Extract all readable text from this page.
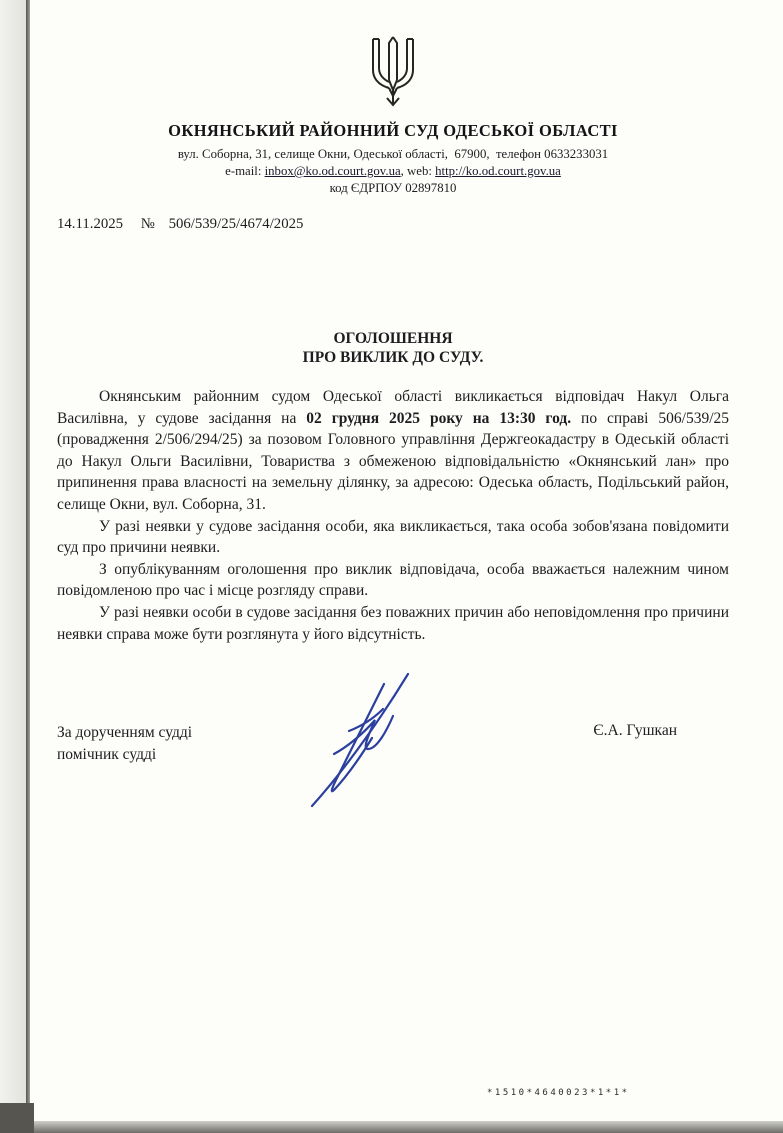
ОКНЯНСЬКИЙ РАЙОННИЙ СУД ОДЕСЬКОЇ ОБЛАСТІ
вул. Соборна, 31, селище Окни, Одеської області,  67900,  телефон 0633233031
e-mail: inbox@ko.od.court.gov.ua, web: http://ko.od.court.gov.ua
код ЄДРПОУ 02897810
14.11.2025 № 506/539/25/4674/2025
ОГОЛОШЕННЯ
ПРО ВИКЛИК ДО СУДУ.

Окнянським районним судом Одеської області викликається відповідач Накул Ольга Василівна, у судове засідання на 02 грудня 2025 року на 13:30 год. по справі 506/539/25 (провадження 2/506/294/25) за позовом Головного управління Держгеокадастру в Одеській області до Накул Ольги Василівни, Товариства з обмеженою відповідальністю «Окнянський лан» про припинення права власності на земельну ділянку, за адресою: Одеська область, Подільський район, селище Окни, вул. Соборна, 31.

У разі неявки у судове засідання особи, яка викликається, така особа зобов'язана повідомити суд про причини неявки.

З опублікуванням оголошення про виклик відповідача, особа вважається належним чином повідомленою про час і місце розгляду справи.

У разі неявки особи в судове засідання без поважних причин або неповідомлення про причини неявки справа може бути розглянута у його відсутність.

За дорученням судді
помічник судді
Є.А. Гушкан
*1510*4640023*1*1*
